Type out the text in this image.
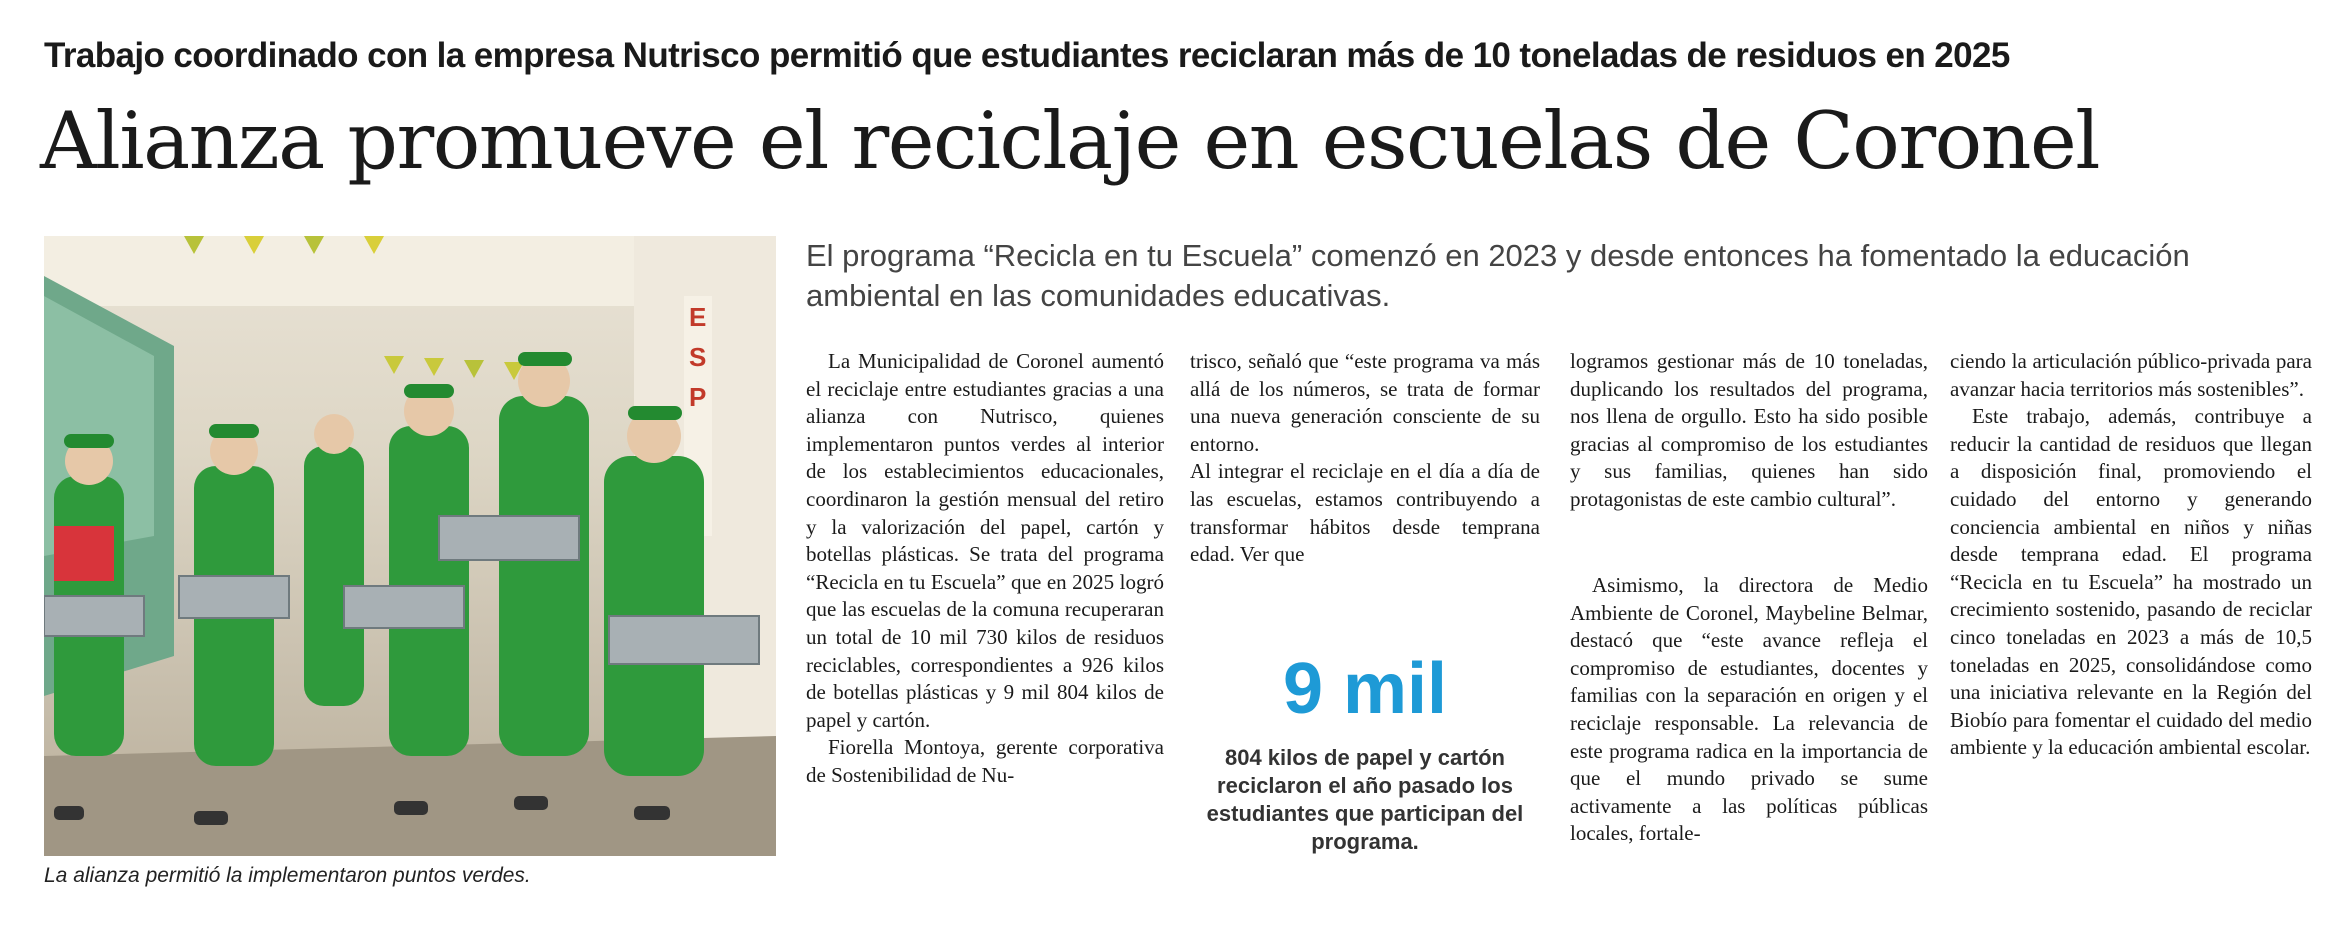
Trabajo coordinado con la empresa Nutrisco permitió que estudiantes reciclaran más de 10 toneladas de residuos en 2025
Alianza promueve el reciclaje en escuelas de Coronel
E
S
P
La alianza permitió la implementaron puntos verdes.
El programa “Recicla en tu Escuela” comenzó en 2023 y desde entonces ha fomentado la educación ambiental en las comunidades educativas.

La Municipalidad de Coronel aumentó el reciclaje entre estudiantes gracias a una alianza con Nutrisco, quienes implementaron puntos verdes al interior de los establecimientos educacionales, coordinaron la gestión mensual del retiro y la valorización del papel, cartón y botellas plásticas. Se trata del programa “Recicla en tu Escuela” que en 2025 logró que las escuelas de la comuna recuperaran un total de 10 mil 730 kilos de residuos reciclables, correspondientes a 926 kilos de botellas plásticas y 9 mil 804 kilos de papel y cartón.

Fiorella Montoya, gerente corporativa de Sostenibilidad de Nu-

trisco, señaló que “este programa va más allá de los números, se trata de formar una nueva generación consciente de su entorno.

Al integrar el reciclaje en el día a día de las escuelas, estamos contribuyendo a transformar hábitos desde temprana edad. Ver que

9 mil
804 kilos de papel y cartón reciclaron el año pasado los estudiantes que participan del programa.

logramos gestionar más de 10 toneladas, duplicando los resultados del programa, nos llena de orgullo. Esto ha sido posible gracias al compromiso de los estudiantes y sus familias, quienes han sido protagonistas de este cambio cultural”.

Asimismo, la directora de Medio Ambiente de Coronel, Maybeline Belmar, destacó que “este avance refleja el compromiso de estudiantes, docentes y familias con la separación en origen y el reciclaje responsable. La relevancia de este programa radica en la importancia de que el mundo privado se sume activamente a las políticas públicas locales, fortale-

ciendo la articulación público-privada para avanzar hacia territorios más sostenibles”.

Este trabajo, además, contribuye a reducir la cantidad de residuos que llegan a disposición final, promoviendo el cuidado del entorno y generando conciencia ambiental en niños y niñas desde temprana edad. El programa “Recicla en tu Escuela” ha mostrado un crecimiento sostenido, pasando de reciclar cinco toneladas en 2023 a más de 10,5 toneladas en 2025, consolidándose como una iniciativa relevante en la Región del Biobío para fomentar el cuidado del medio ambiente y la educación ambiental escolar.
